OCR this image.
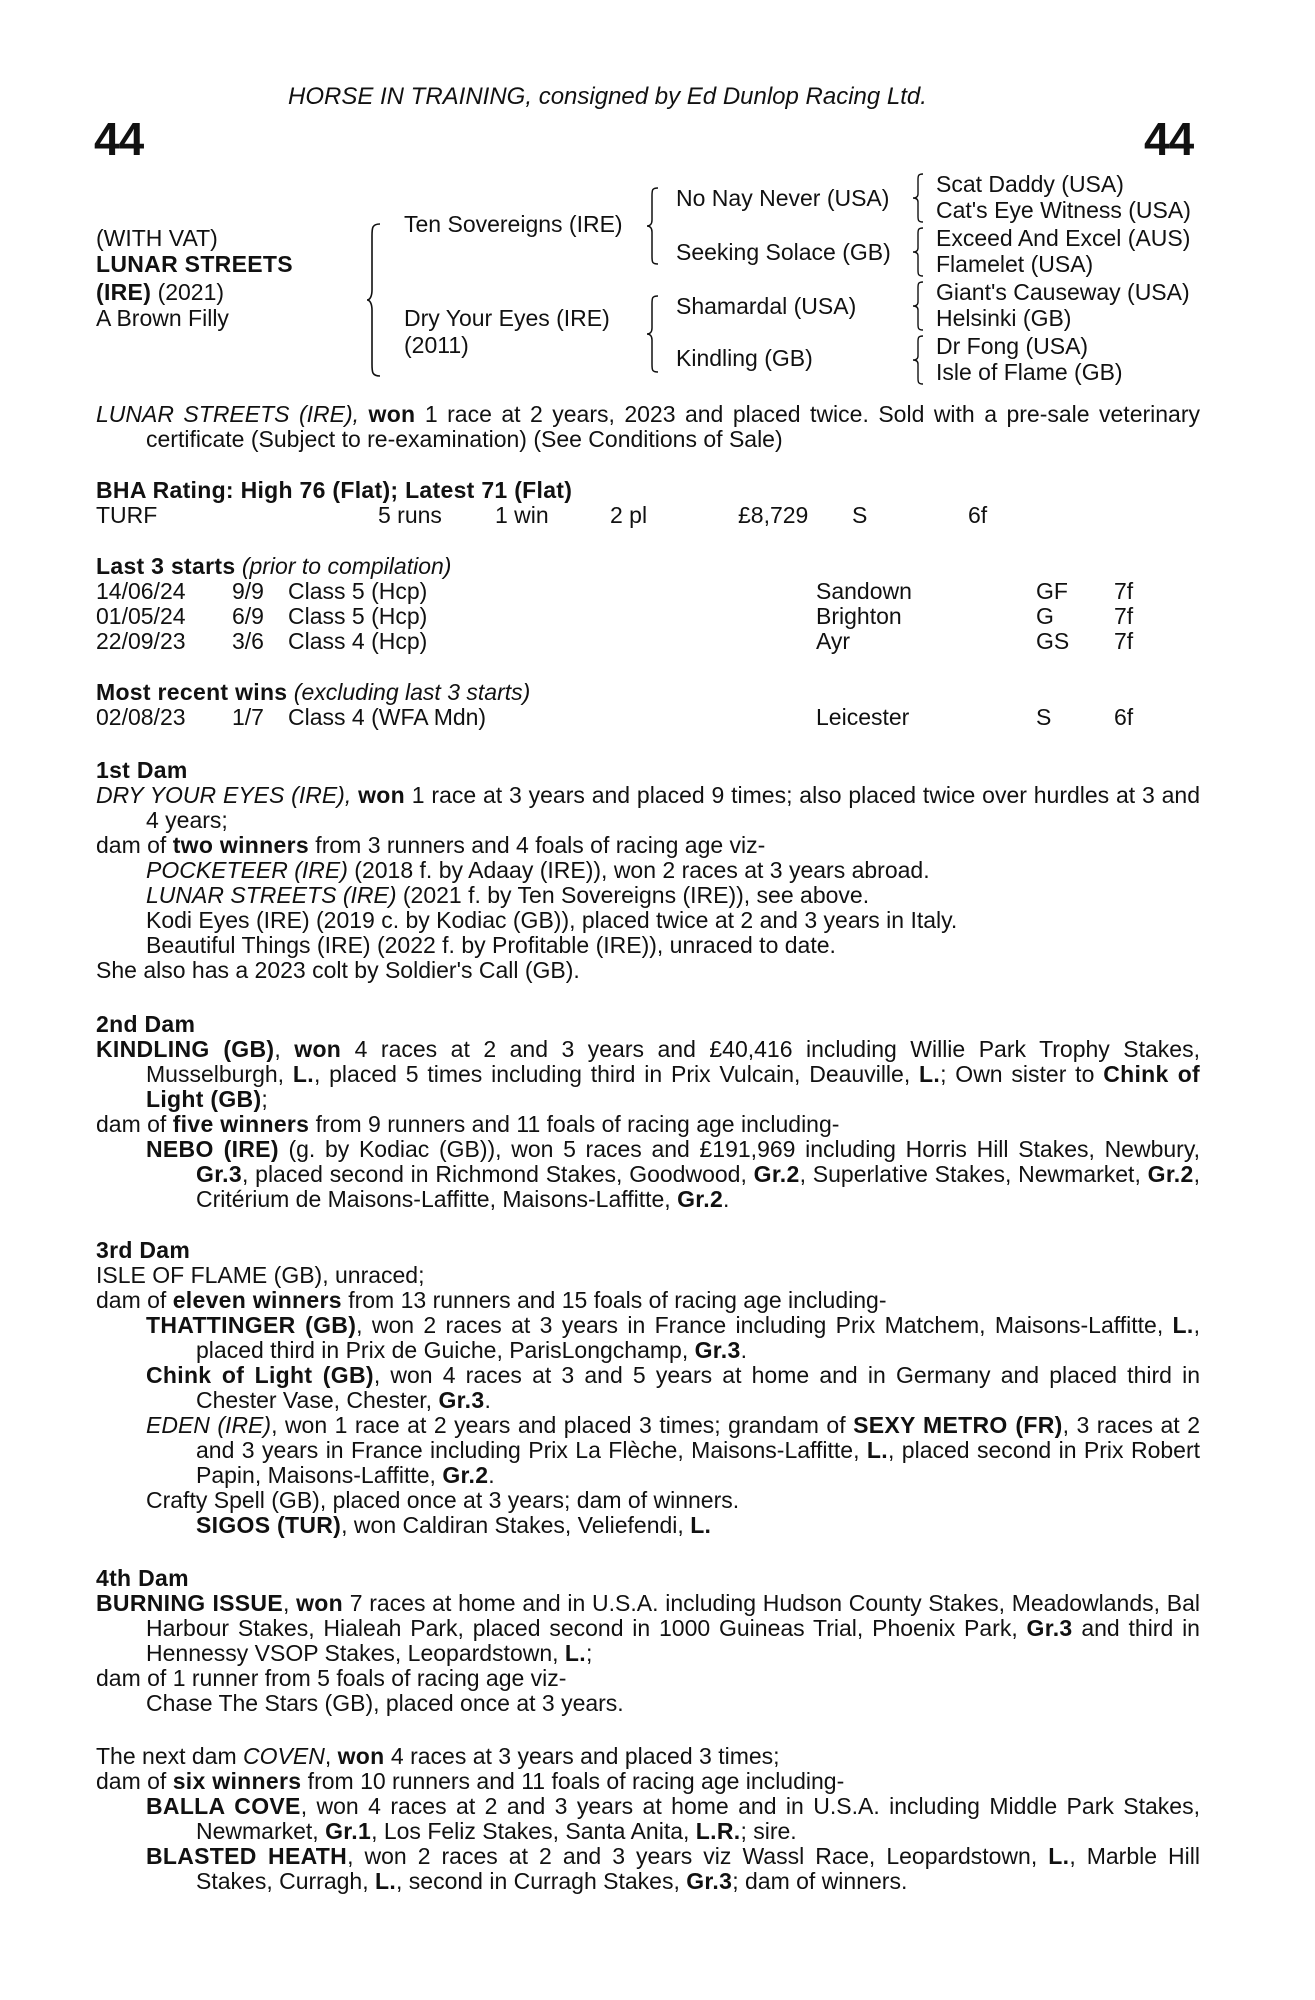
HORSE IN TRAINING, consigned by Ed Dunlop Racing Ltd.
44	44
(WITH VAT)
LUNAR STREETS
(IRE) (2021)
A Brown Filly
Ten Sovereigns (IRE)
Dry Your Eyes (IRE)
(2011)
No Nay Never (USA)
Seeking Solace (GB)
Shamardal (USA)
Kindling (GB)
Scat Daddy (USA)
Cat's Eye Witness (USA)
Exceed And Excel (AUS)
Flamelet (USA)
Giant's Causeway (USA)
Helsinki (GB)
Dr Fong (USA)
Isle of Flame (GB)

LUNAR STREETS (IRE), won 1 race at 2 years, 2023 and placed twice. Sold with a pre-sale veterinary certificate (Subject to re-examination) (See Conditions of Sale)

BHA Rating: High 76 (Flat); Latest 71 (Flat)
TURF	5 runs 1 win	2 pl	£8,729 S	6f
Last 3 starts (prior to compilation)
14/06/24 9/9 Class 5 (Hcp)	Sandown	GF 7f
01/05/24 6/9 Class 5 (Hcp)	Brighton	G	7f
22/09/23 3/6 Class 4 (Hcp)	Ayr	GS 7f
Most recent wins (excluding last 3 starts)
02/08/23 1/7 Class 4 (WFA Mdn)	Leicester	S	6f

1st Dam

DRY YOUR EYES (IRE), won 1 race at 3 years and placed 9 times; also placed twice over hurdles at 3 and 4 years;

dam of two winners from 3 runners and 4 foals of racing age viz-

POCKETEER (IRE) (2018 f. by Adaay (IRE)), won 2 races at 3 years abroad.

LUNAR STREETS (IRE) (2021 f. by Ten Sovereigns (IRE)), see above.

Kodi Eyes (IRE) (2019 c. by Kodiac (GB)), placed twice at 2 and 3 years in Italy.

Beautiful Things (IRE) (2022 f. by Profitable (IRE)), unraced to date.

She also has a 2023 colt by Soldier's Call (GB).

2nd Dam

KINDLING (GB), won 4 races at 2 and 3 years and £40,416 including Willie Park Trophy Stakes, Musselburgh, L., placed 5 times including third in Prix Vulcain, Deauville, L.; Own sister to Chink of Light (GB);

dam of five winners from 9 runners and 11 foals of racing age including-

NEBO (IRE) (g. by Kodiac (GB)), won 5 races and £191,969 including Horris Hill Stakes, Newbury, Gr.3, placed second in Richmond Stakes, Goodwood, Gr.2, Superlative Stakes, Newmarket, Gr.2, Critérium de Maisons-Laffitte, Maisons-Laffitte, Gr.2.

3rd Dam

ISLE OF FLAME (GB), unraced;

dam of eleven winners from 13 runners and 15 foals of racing age including-

THATTINGER (GB), won 2 races at 3 years in France including Prix Matchem, Maisons-Laffitte, L., placed third in Prix de Guiche, ParisLongchamp, Gr.3.

Chink of Light (GB), won 4 races at 3 and 5 years at home and in Germany and placed third in Chester Vase, Chester, Gr.3.

EDEN (IRE), won 1 race at 2 years and placed 3 times; grandam of SEXY METRO (FR), 3 races at 2 and 3 years in France including Prix La Flèche, Maisons-Laffitte, L., placed second in Prix Robert Papin, Maisons-Laffitte, Gr.2.

Crafty Spell (GB), placed once at 3 years; dam of winners.

SIGOS (TUR), won Caldiran Stakes, Veliefendi, L.

4th Dam

BURNING ISSUE, won 7 races at home and in U.S.A. including Hudson County Stakes, Meadowlands, Bal Harbour Stakes, Hialeah Park, placed second in 1000 Guineas Trial, Phoenix Park, Gr.3 and third in Hennessy VSOP Stakes, Leopardstown, L.;

dam of 1 runner from 5 foals of racing age viz-

Chase The Stars (GB), placed once at 3 years.

The next dam COVEN, won 4 races at 3 years and placed 3 times;

dam of six winners from 10 runners and 11 foals of racing age including-

BALLA COVE, won 4 races at 2 and 3 years at home and in U.S.A. including Middle Park Stakes, Newmarket, Gr.1, Los Feliz Stakes, Santa Anita, L.R.; sire.

BLASTED HEATH, won 2 races at 2 and 3 years viz Wassl Race, Leopardstown, L., Marble Hill Stakes, Curragh, L., second in Curragh Stakes, Gr.3; dam of winners.
